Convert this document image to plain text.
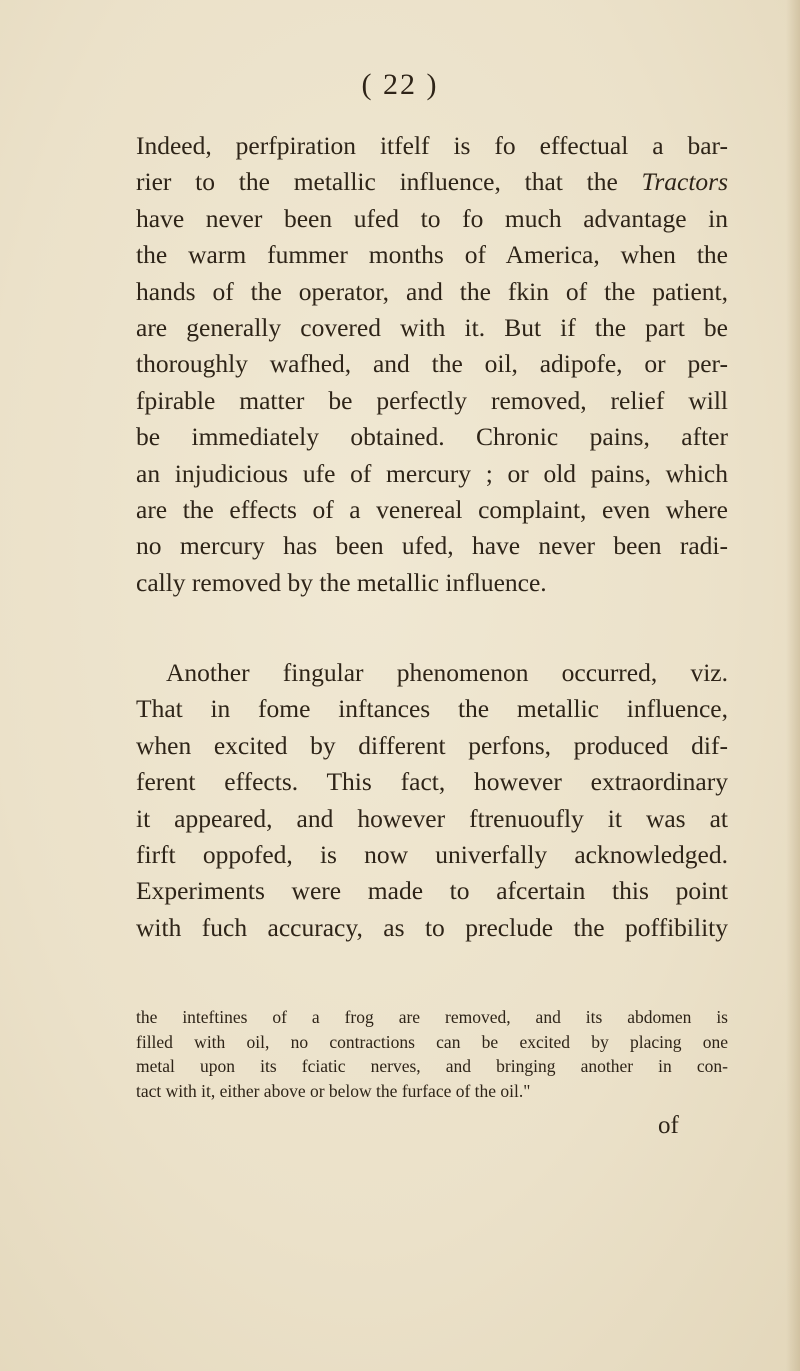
( 22 )
Indeed, perfpiration itfelf is fo effectual a bar-
rier to the metallic influence, that the Tractors
have never been ufed to fo much advantage in
the warm fummer months of America, when the
hands of the operator, and the fkin of the patient,
are generally covered with it. But if the part be
thoroughly wafhed, and the oil, adipofe, or per-
fpirable matter be perfectly removed, relief will
be immediately obtained. Chronic pains, after
an injudicious ufe of mercury ; or old pains, which
are the effects of a venereal complaint, even where
no mercury has been ufed, have never been radi-
cally removed by the metallic influence.
Another fingular phenomenon occurred, viz.
That in fome inftances the metallic influence,
when excited by different perfons, produced dif-
ferent effects. This fact, however extraordinary
it appeared, and however ftrenuoufly it was at
firft oppofed, is now univerfally acknowledged.
Experiments were made to afcertain this point
with fuch accuracy, as to preclude the poffibility
the inteftines of a frog are removed, and its abdomen is
filled with oil, no contractions can be excited by placing one
metal upon its fciatic nerves, and bringing another in con-
tact with it, either above or below the furface of the oil."
of
